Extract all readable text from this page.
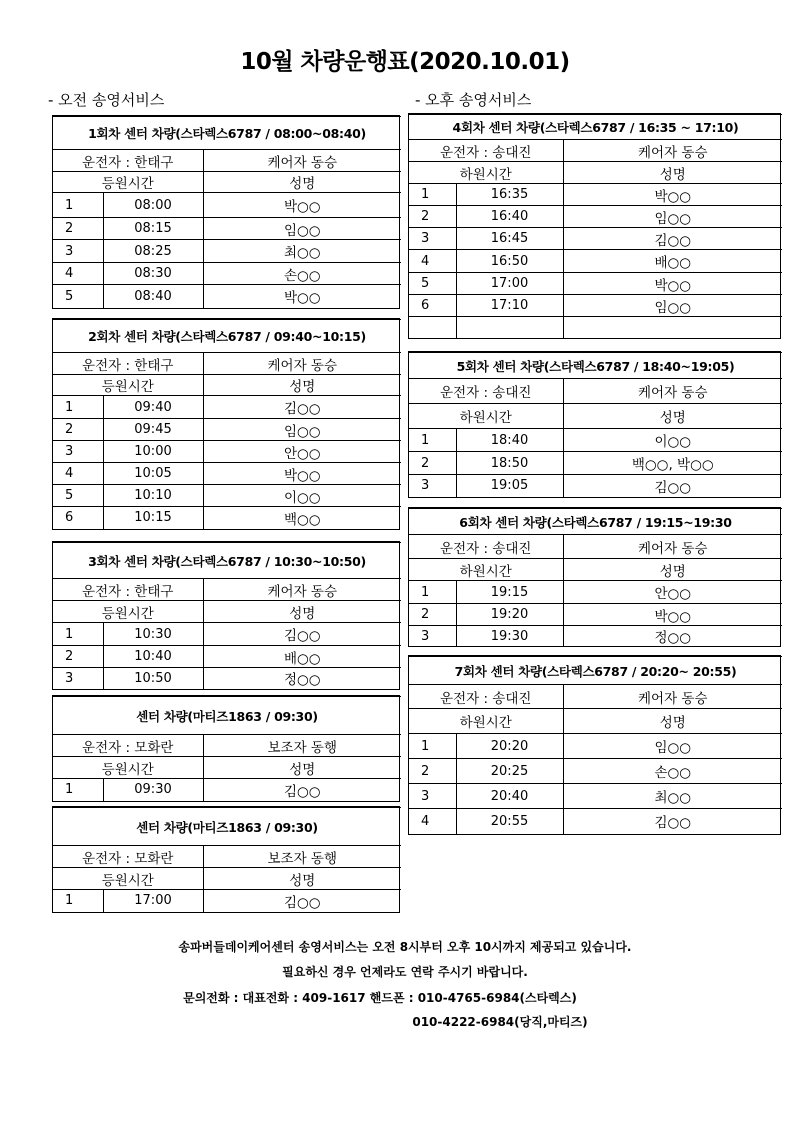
10월 차량운행표(2020.10.01)
- 오전 송영서비스	- 오후 송영서비스
1회차 센터 차량(스타렉스6787 / 08:00~08:40)		
운전자 : 한태구		케어자 동승
등원시간		성명
1	08:00	박○○
2	08:15	임○○
3	08:25	최○○
4	08:30	손○○
5	08:40	박○○
2회차 센터 차량(스타렉스6787 / 09:40~10:15)		
운전자 : 한태구		케어자 동승
등원시간		성명
1	09:40	김○○
2	09:45	임○○
3	10:00	안○○
4	10:05	박○○
5	10:10	이○○
6	10:15	백○○
3회차 센터 차량(스타렉스6787 / 10:30~10:50)		
운전자 : 한태구		케어자 동승
등원시간		성명
1	10:30	김○○
2	10:40	배○○
3	10:50	정○○
센터 차량(마티즈1863 / 09:30)		
운전자 : 모화란		보조자 동행
등원시간		성명
1	09:30	김○○
센터 차량(마티즈1863 / 09:30)		
운전자 : 모화란		보조자 동행
등원시간		성명
1	17:00	김○○
4회차 센터 차량(스타렉스6787 / 16:35 ~ 17:10)		
운전자 : 송대진		케어자 동승
하원시간		성명
1	16:35	박○○
2	16:40	임○○
3	16:45	김○○
4	16:50	배○○
5	17:00	박○○
6	17:10	임○○

5회차 센터 차량(스타렉스6787 / 18:40~19:05)		
운전자 : 송대진		케어자 동승
하원시간		성명
1	18:40	이○○
2	18:50	백○○, 박○○
3	19:05	김○○
6회차 센터 차량(스타렉스6787 / 19:15~19:30		
운전자 : 송대진		케어자 동승
하원시간		성명
1	19:15	안○○
2	19:20	박○○
3	19:30	정○○
7회차 센터 차량(스타렉스6787 / 20:20~ 20:55)		
운전자 : 송대진		케어자 동승
하원시간		성명
1	20:20	임○○
2	20:25	손○○
3	20:40	최○○
4	20:55	김○○
송파버들데이케어센터 송영서비스는 오전 8시부터 오후 10시까지 제공되고 있습니다.
필요하신 경우 언제라도 연락 주시기 바랍니다.
문의전화 : 대표전화 : 409-1617 핸드폰 : 010-4765-6984(스타렉스)
010-4222-6984(당직,마티즈)
